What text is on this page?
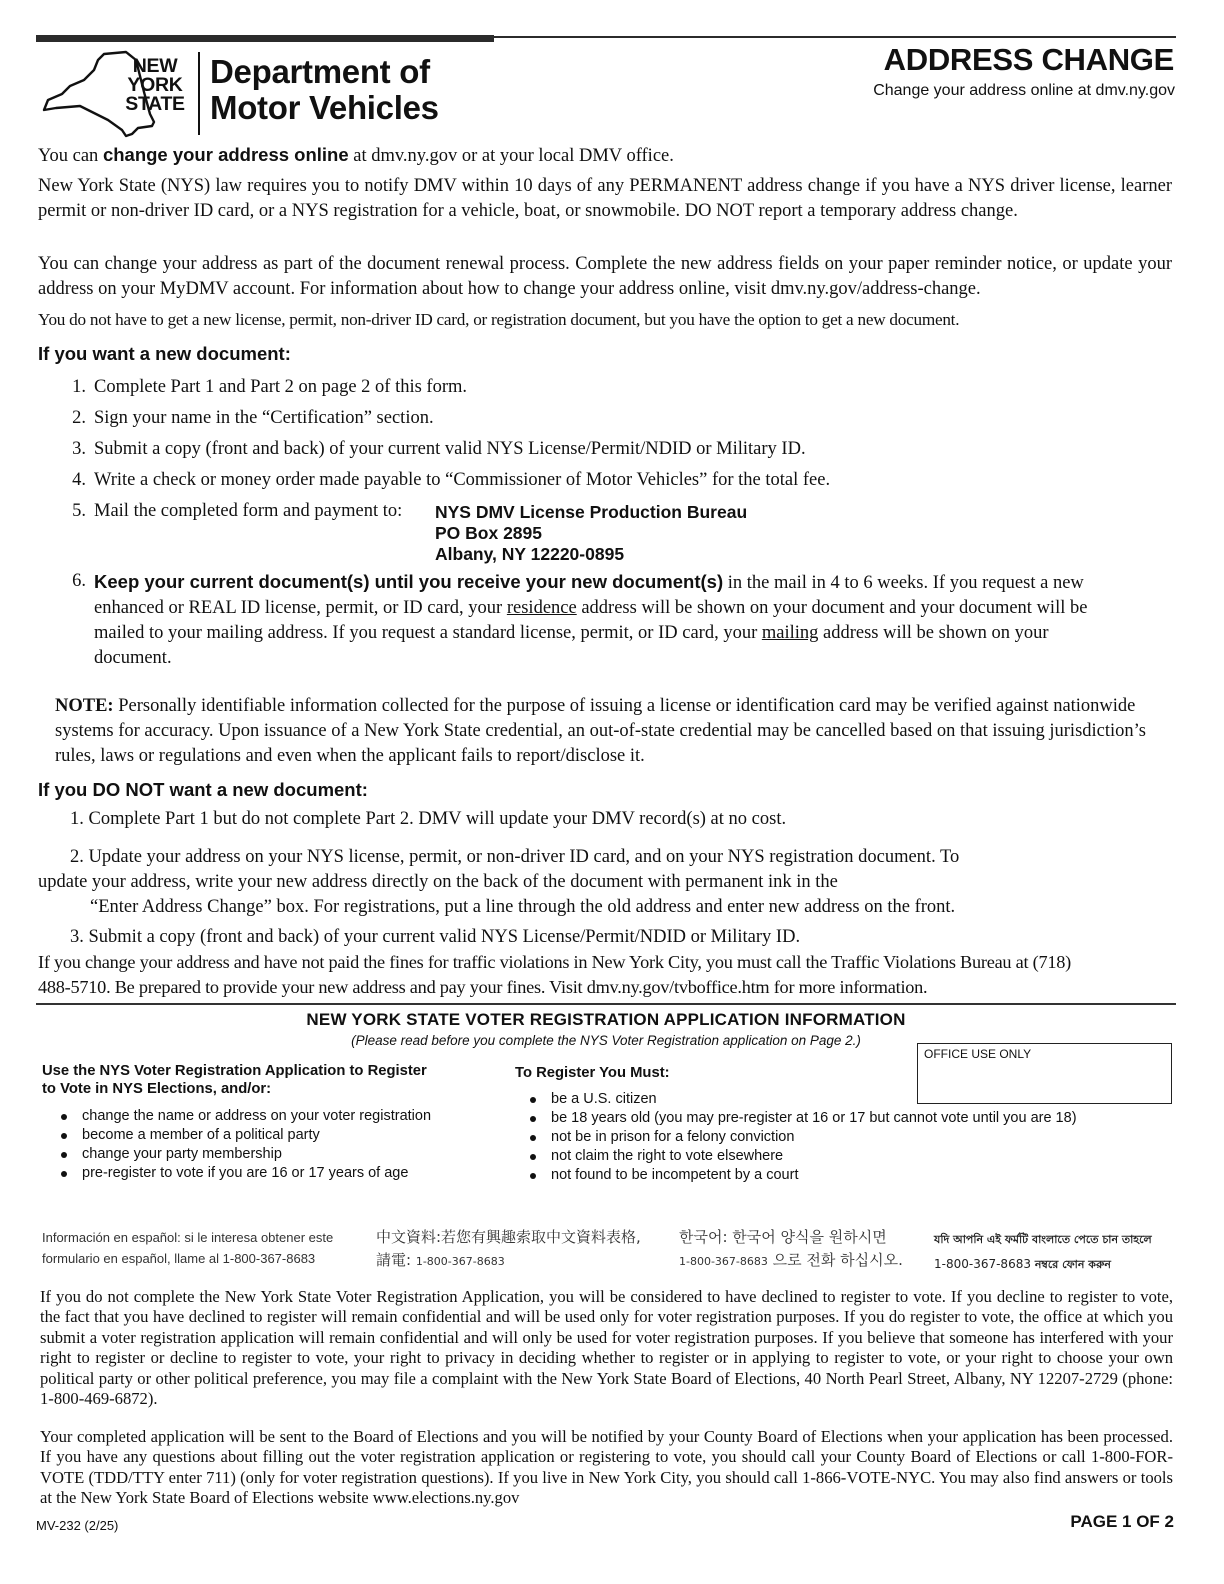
NEW
YORK
STATE
Department of
Motor Vehicles
ADDRESS CHANGE
Change your address online at dmv.ny.gov
You can change your address online at dmv.ny.gov or at your local DMV office.
New York State (NYS) law requires you to notify DMV within 10 days of any PERMANENT address change if you have a NYS driver license, learner permit or non-driver ID card, or a NYS registration for a vehicle, boat, or snowmobile. DO NOT report a temporary address change.
You can change your address as part of the document renewal process. Complete the new address fields on your paper reminder notice, or update your address on your MyDMV account. For information about how to change your address online, visit dmv.ny.gov/address-change.
You do not have to get a new license, permit, non-driver ID card, or registration document, but you have the option to get a new document.
If you want a new document:
1. Complete Part 1 and Part 2 on page 2 of this form.
2. Sign your name in the “Certification” section.
3. Submit a copy (front and back) of your current valid NYS License/Permit/NDID or Military ID.
4. Write a check or money order made payable to “Commissioner of Motor Vehicles” for the total fee.
5. Mail the completed form and payment to:	NYS DMV License Production Bureau
PO Box 2895
Albany, NY 12220-0895
6. Keep your current document(s) until you receive your new document(s) in the mail in 4 to 6 weeks. If you request a new enhanced or REAL ID license, permit, or ID card, your residence address will be shown on your document and your document will be mailed to your mailing address. If you request a standard license, permit, or ID card, your mailing address will be shown on your document.
NOTE: Personally identifiable information collected for the purpose of issuing a license or identification card may be verified against nationwide systems for accuracy. Upon issuance of a New York State credential, an out-of-state credential may be cancelled based on that issuing jurisdiction’s rules, laws or regulations and even when the applicant fails to report/disclose it.
If you DO NOT want a new document:
1. Complete Part 1 but do not complete Part 2. DMV will update your DMV record(s) at no cost.
2. Update your address on your NYS license, permit, or non-driver ID card, and on your NYS registration document. To
update your address, write your new address directly on the back of the document with permanent ink in the
“Enter Address Change” box. For registrations, put a line through the old address and enter new address on the front.
3. Submit a copy (front and back) of your current valid NYS License/Permit/NDID or Military ID.
If you change your address and have not paid the fines for traffic violations in New York City, you must call the Traffic Violations Bureau at (718) 488-5710. Be prepared to provide your new address and pay your fines. Visit dmv.ny.gov/tvboffice.htm for more information.
NEW YORK STATE VOTER REGISTRATION APPLICATION INFORMATION
(Please read before you complete the NYS Voter Registration application on Page 2.)
OFFICE USE ONLY
Use the NYS Voter Registration Application to Register
to Vote in NYS Elections, and/or:
change the name or address on your voter registration
become a member of a political party
change your party membership
pre-register to vote if you are 16 or 17 years of age
To Register You Must:
be a U.S. citizen
be 18 years old (you may pre-register at 16 or 17 but cannot vote until you are 18)
not be in prison for a felony conviction
not claim the right to vote elsewhere
not found to be incompetent by a court
Información en español: si le interesa obtener este
formulario en español, llame al 1-800-367-8683
中文資料:若您有興趣索取中文資料表格,
請電: 1-800-367-8683
한국어: 한국어 양식을 원하시면
1-800-367-8683 으로 전화 하십시오.
যদি আপনি এই ফর্মটি বাংলাতে পেতে চান তাহলে
1-800-367-8683 নম্বরে ফোন করুন
If you do not complete the New York State Voter Registration Application, you will be considered to have declined to register to vote. If you decline to register to vote, the fact that you have declined to register will remain confidential and will be used only for voter registration purposes. If you do register to vote, the office at which you submit a voter registration application will remain confidential and will only be used for voter registration purposes. If you believe that someone has interfered with your right to register or decline to register to vote, your right to privacy in deciding whether to register or in applying to register to vote, or your right to choose your own political party or other political preference, you may file a complaint with the New York State Board of Elections, 40 North Pearl Street, Albany, NY 12207-2729 (phone: 1-800-469-6872).
Your completed application will be sent to the Board of Elections and you will be notified by your County Board of Elections when your application has been processed. If you have any questions about filling out the voter registration application or registering to vote, you should call your County Board of Elections or call 1-800-FOR-VOTE (TDD/TTY enter 711) (only for voter registration questions). If you live in New York City, you should call 1-866-VOTE-NYC. You may also find answers or tools at the New York State Board of Elections website www.elections.ny.gov
MV-232 (2/25)	PAGE 1 OF 2
